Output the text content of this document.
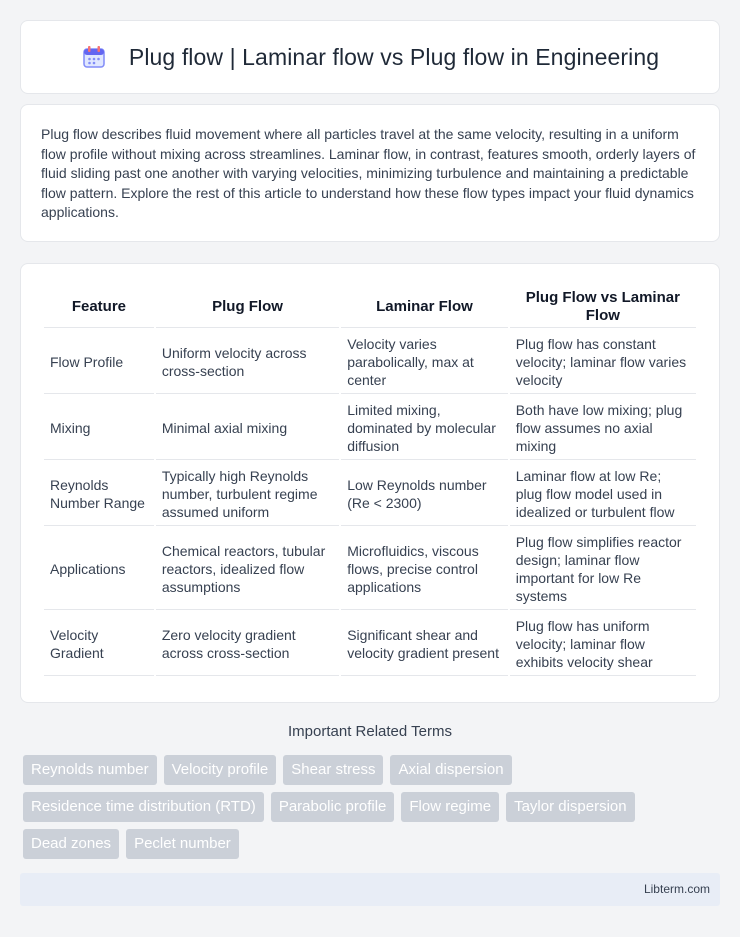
Plug flow | Laminar flow vs Plug flow in Engineering

Plug flow describes fluid movement where all particles travel at the same velocity, resulting in a uniform flow profile without mixing across streamlines. Laminar flow, in contrast, features smooth, orderly layers of fluid sliding past one another with varying velocities, minimizing turbulence and maintaining a predictable flow pattern. Explore the rest of this article to understand how these flow types impact your fluid dynamics applications.

Feature	Plug Flow	Laminar Flow	Plug Flow vs Laminar Flow
Flow Profile	Uniform velocity across cross-section	Velocity varies parabolically, max at center	Plug flow has constant velocity; laminar flow varies velocity
Mixing	Minimal axial mixing	Limited mixing, dominated by molecular diffusion	Both have low mixing; plug flow assumes no axial mixing
Reynolds Number Range	Typically high Reynolds number, turbulent regime assumed uniform	Low Reynolds number (Re < 2300)	Laminar flow at low Re; plug flow model used in idealized or turbulent flow
Applications	Chemical reactors, tubular reactors, idealized flow assumptions	Microfluidics, viscous flows, precise control applications	Plug flow simplifies reactor design; laminar flow important for low Re systems
Velocity Gradient	Zero velocity gradient across cross-section	Significant shear and velocity gradient present	Plug flow has uniform velocity; laminar flow exhibits velocity shear
Important Related Terms
Reynolds number	Velocity profile	Shear stress	Axial dispersion
Residence time distribution (RTD)	Parabolic profile	Flow regime	Taylor dispersion
Dead zones	Peclet number
Libterm.com
